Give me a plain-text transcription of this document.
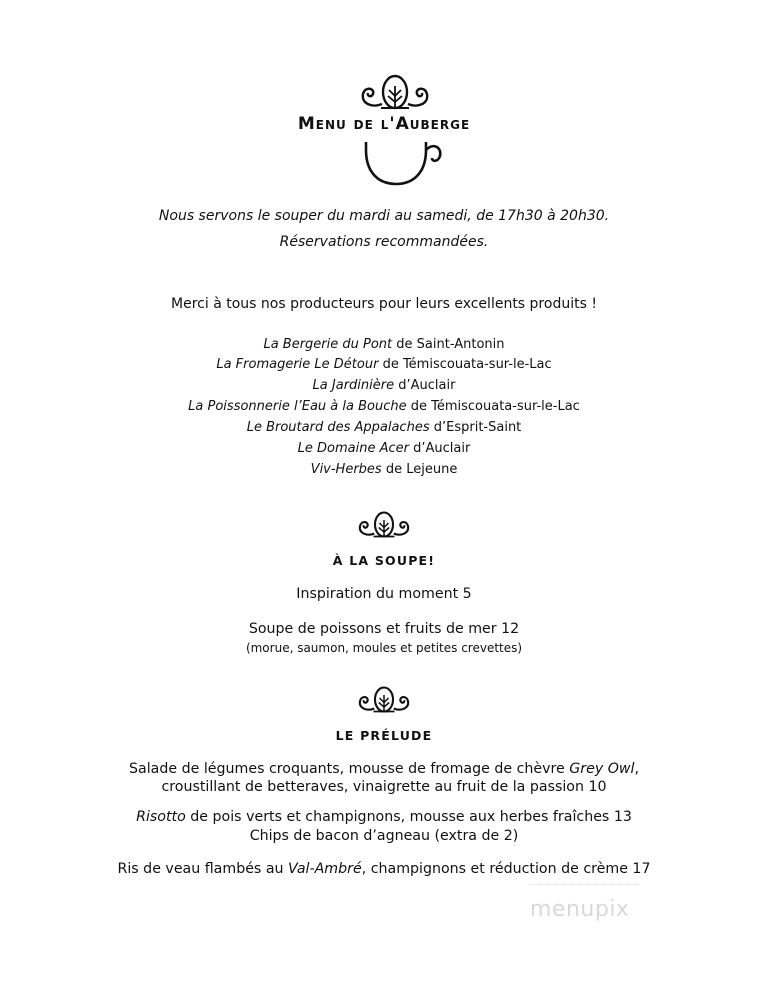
Menu de l'Auberge
Nous servons le souper du mardi au samedi, de 17h30 à 20h30.
Réservations recommandées.
Merci à tous nos producteurs pour leurs excellents produits !
La Bergerie du Pont de Saint-Antonin
La Fromagerie Le Détour de Témiscouata-sur-le-Lac
La Jardinière d’Auclair
La Poissonnerie l’Eau à la Bouche de Témiscouata-sur-le-Lac
Le Broutard des Appalaches d’Esprit-Saint
Le Domaine Acer d’Auclair
Viv-Herbes de Lejeune
À LA SOUPE!
Inspiration du moment 5
Soupe de poissons et fruits de mer 12
(morue, saumon, moules et petites crevettes)
LE PRÉLUDE
Salade de légumes croquants, mousse de fromage de chèvre Grey Owl,
croustillant de betteraves, vinaigrette au fruit de la passion 10
Risotto de pois verts et champignons, mousse aux herbes fraîches 13
Chips de bacon d’agneau (extra de 2)
Ris de veau flambés au Val-Ambré, champignons et réduction de crème 17
menupix
